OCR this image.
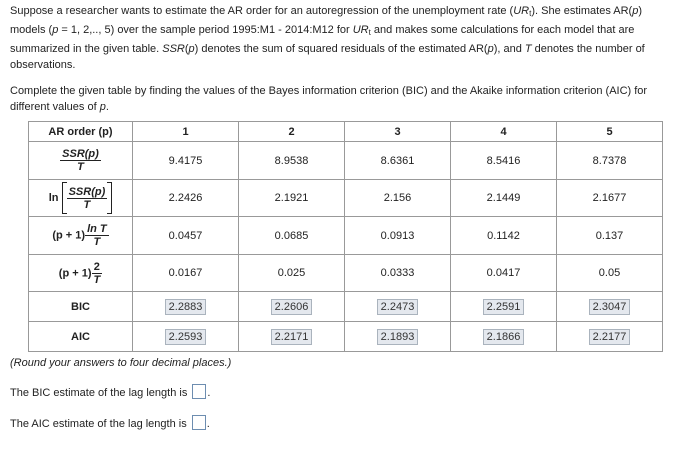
Suppose a researcher wants to estimate the AR order for an autoregression of the unemployment rate $(UR_t)$. She estimates AR(p)
models (p = 1, 2,.., 5) over the sample period 1995:M1 - 2014:M12 for $UR_t$ and makes some calculations for each model that are
summarized in the given table. SSR(p) denotes the sum of squared residuals of the estimated AR(p), and T denotes the number of
observations.

Complete the given table by finding the values of the Bayes information criterion (BIC) and the Akaike information criterion (AIC) for
different values of p.

AR order (p)	1	2	3	4	5

$\frac{\text{SSR(p)}}{T}$	9.4175	8.9538	8.6361	8.5416	8.7378
$\ln \frac{\text{SSR(p)}}{T}$	2.2426	2.1921	2.156	2.1449	2.1677
$(p + 1) \frac{\text{ln T}}{T}$	0.0457	0.0685	0.0913	0.1142	0.137
$(p + 1) \frac{2}{T}$	0.0167	0.025	0.0333	0.0417	0.05
BIC	2.2883	2.2606	2.2473	2.2591	2.3047
AIC	2.2593	2.2171	2.1893	2.1866	2.2177

(Round your answers to four decimal places.)

The BIC estimate of the lag length is .

The AIC estimate of the lag length is .
